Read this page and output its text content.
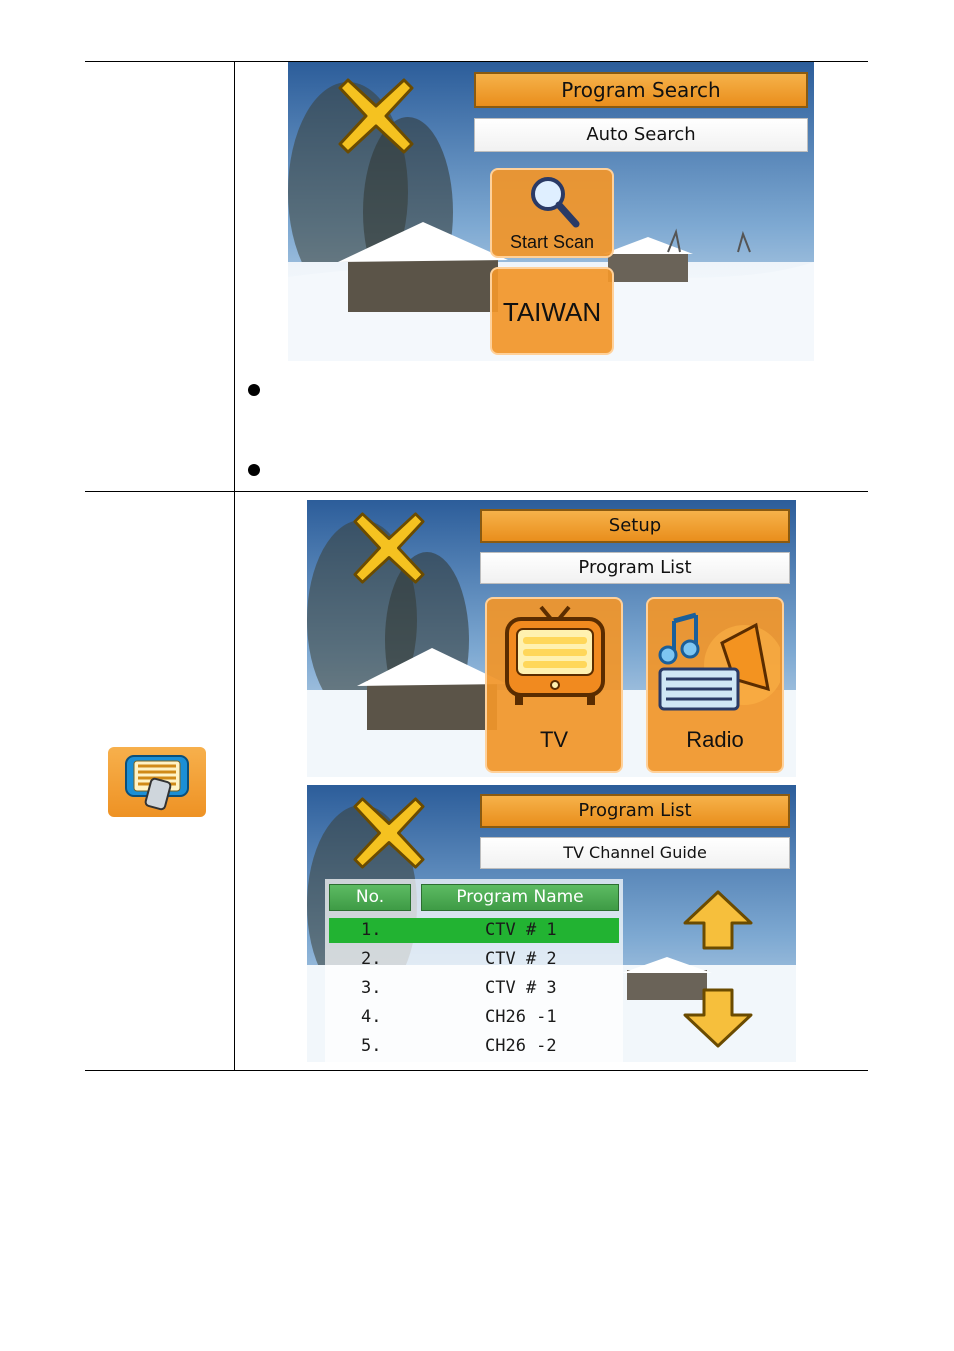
Program Search
Auto Search
Start Scan
TAIWAN
Setup
Program List
TV	Radio
Program List
TV Channel Guide
No.	Program Name
1.	CTV # 1
2.	CTV # 2
3.	CTV # 3
4.	CH26 -1
5.	CH26 -2
